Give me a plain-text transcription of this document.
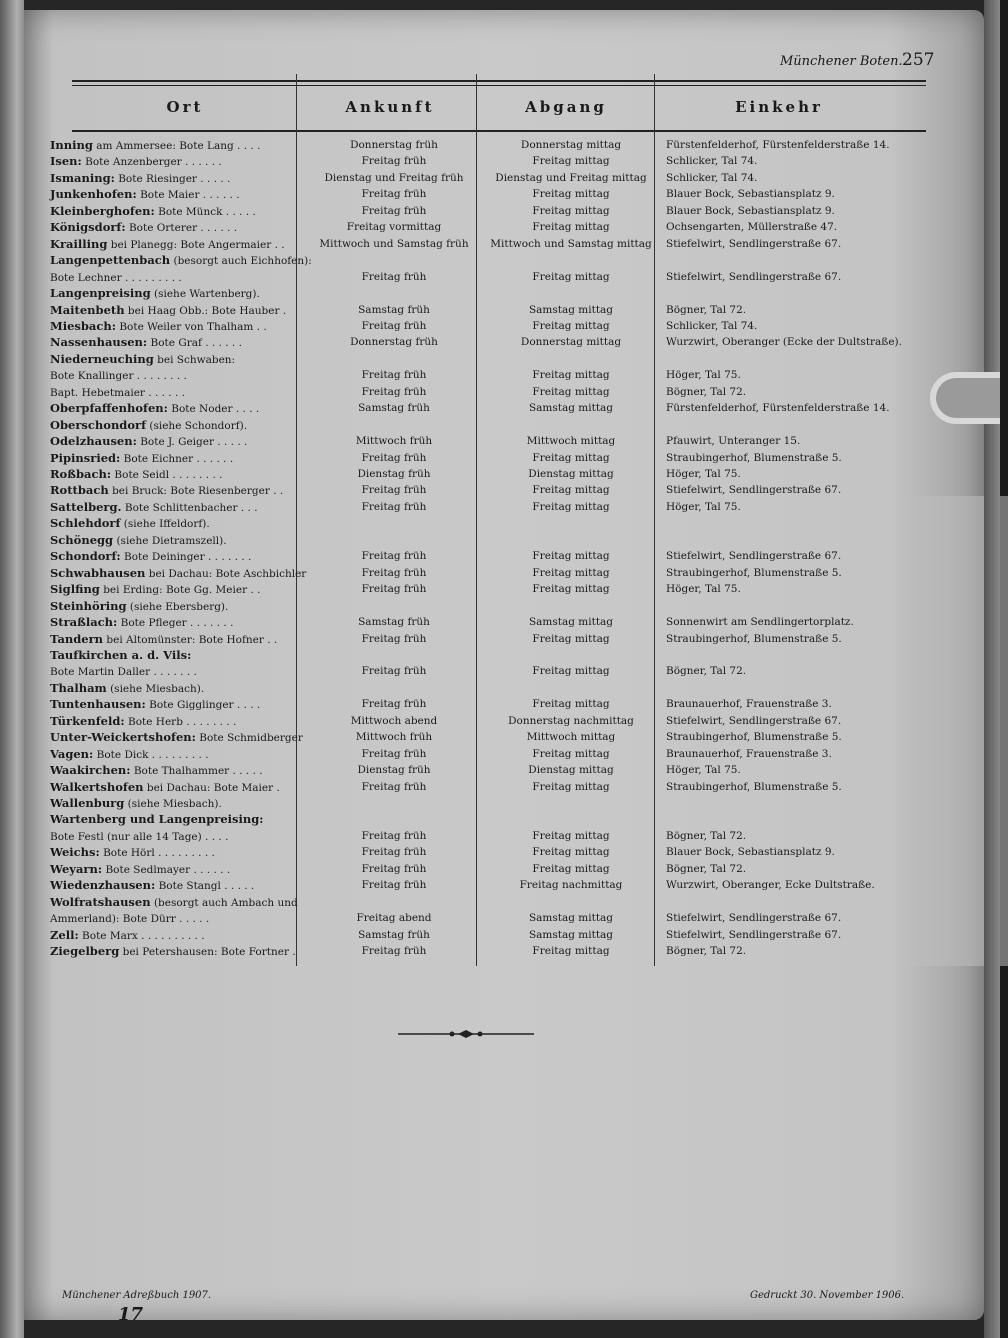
Münchener Boten. 257
Ort	Ankunft	Abgang	Einkehr
Inning am Ammersee: Bote Lang . . . .	Donnerstag früh	Donnerstag mittag	Fürstenfelderhof, Fürstenfelderstraße 14.
Isen: Bote Anzenberger . . . . . .	Freitag früh	Freitag mittag	Schlicker, Tal 74.
Ismaning: Bote Riesinger . . . . .	Dienstag und Freitag früh	Dienstag und Freitag mittag	Schlicker, Tal 74.
Junkenhofen: Bote Maier . . . . . .	Freitag früh	Freitag mittag	Blauer Bock, Sebastiansplatz 9.
Kleinberghofen: Bote Münck . . . . .	Freitag früh	Freitag mittag	Blauer Bock, Sebastiansplatz 9.
Königsdorf: Bote Orterer . . . . . .	Freitag vormittag	Freitag mittag	Ochsengarten, Müllerstraße 47.
Krailling bei Planegg: Bote Angermaier . .	Mittwoch und Samstag früh	Mittwoch und Samstag mittag	Stiefelwirt, Sendlingerstraße 67.
Langenpettenbach (besorgt auch Eichhofen):
Bote Lechner . . . . . . . . .	Freitag früh	Freitag mittag	Stiefelwirt, Sendlingerstraße 67.
Langenpreising (siehe Wartenberg).
Maitenbeth bei Haag Obb.: Bote Hauber .	Samstag früh	Samstag mittag	Bögner, Tal 72.
Miesbach: Bote Weiler von Thalham . .	Freitag früh	Freitag mittag	Schlicker, Tal 74.
Nassenhausen: Bote Graf . . . . . .	Donnerstag früh	Donnerstag mittag	Wurzwirt, Oberanger (Ecke der Dultstraße).
Niederneuching bei Schwaben:
Bote Knallinger . . . . . . . .	Freitag früh	Freitag mittag	Höger, Tal 75.
Bapt. Hebetmaier . . . . . .	Freitag früh	Freitag mittag	Bögner, Tal 72.
Oberpfaffenhofen: Bote Noder . . . .	Samstag früh	Samstag mittag	Fürstenfelderhof, Fürstenfelderstraße 14.
Oberschondorf (siehe Schondorf).
Odelzhausen: Bote J. Geiger . . . . .	Mittwoch früh	Mittwoch mittag	Pfauwirt, Unteranger 15.
Pipinsried: Bote Eichner . . . . . .	Freitag früh	Freitag mittag	Straubingerhof, Blumenstraße 5.
Roßbach: Bote Seidl . . . . . . . .	Dienstag früh	Dienstag mittag	Höger, Tal 75.
Rottbach bei Bruck: Bote Riesenberger . .	Freitag früh	Freitag mittag	Stiefelwirt, Sendlingerstraße 67.
Sattelberg. Bote Schlittenbacher . . .	Freitag früh	Freitag mittag	Höger, Tal 75.
Schlehdorf (siehe Iffeldorf).
Schönegg (siehe Dietramszell).
Schondorf: Bote Deininger . . . . . . .	Freitag früh	Freitag mittag	Stiefelwirt, Sendlingerstraße 67.
Schwabhausen bei Dachau: Bote Aschbichler	Freitag früh	Freitag mittag	Straubingerhof, Blumenstraße 5.
Siglfing bei Erding: Bote Gg. Meier . .	Freitag früh	Freitag mittag	Höger, Tal 75.
Steinhöring (siehe Ebersberg).
Straßlach: Bote Pfleger . . . . . . .	Samstag früh	Samstag mittag	Sonnenwirt am Sendlingertorplatz.
Tandern bei Altomünster: Bote Hofner . .	Freitag früh	Freitag mittag	Straubingerhof, Blumenstraße 5.
Taufkirchen a. d. Vils:
Bote Martin Daller . . . . . . .	Freitag früh	Freitag mittag	Bögner, Tal 72.
Thalham (siehe Miesbach).
Tuntenhausen: Bote Gigglinger . . . .	Freitag früh	Freitag mittag	Braunauerhof, Frauenstraße 3.
Türkenfeld: Bote Herb . . . . . . . .	Mittwoch abend	Donnerstag nachmittag	Stiefelwirt, Sendlingerstraße 67.
Unter-Weickertshofen: Bote Schmidberger	Mittwoch früh	Mittwoch mittag	Straubingerhof, Blumenstraße 5.
Vagen: Bote Dick . . . . . . . . .	Freitag früh	Freitag mittag	Braunauerhof, Frauenstraße 3.
Waakirchen: Bote Thalhammer . . . . .	Dienstag früh	Dienstag mittag	Höger, Tal 75.
Walkertshofen bei Dachau: Bote Maier .	Freitag früh	Freitag mittag	Straubingerhof, Blumenstraße 5.
Wallenburg (siehe Miesbach).
Wartenberg und Langenpreising:
Bote Festl (nur alle 14 Tage) . . . .	Freitag früh	Freitag mittag	Bögner, Tal 72.
Weichs: Bote Hörl . . . . . . . . .	Freitag früh	Freitag mittag	Blauer Bock, Sebastiansplatz 9.
Weyarn: Bote Sedlmayer . . . . . .	Freitag früh	Freitag mittag	Bögner, Tal 72.
Wiedenzhausen: Bote Stangl . . . . .	Freitag früh	Freitag nachmittag	Wurzwirt, Oberanger, Ecke Dultstraße.
Wolfratshausen (besorgt auch Ambach und
Ammerland): Bote Dürr . . . . .	Freitag abend	Samstag mittag	Stiefelwirt, Sendlingerstraße 67.
Zell: Bote Marx . . . . . . . . . .	Samstag früh	Samstag mittag	Stiefelwirt, Sendlingerstraße 67.
Ziegelberg bei Petershausen: Bote Fortner .	Freitag früh	Freitag mittag	Bögner, Tal 72.
Münchener Adreßbuch 1907.
17
Gedruckt 30. November 1906.
